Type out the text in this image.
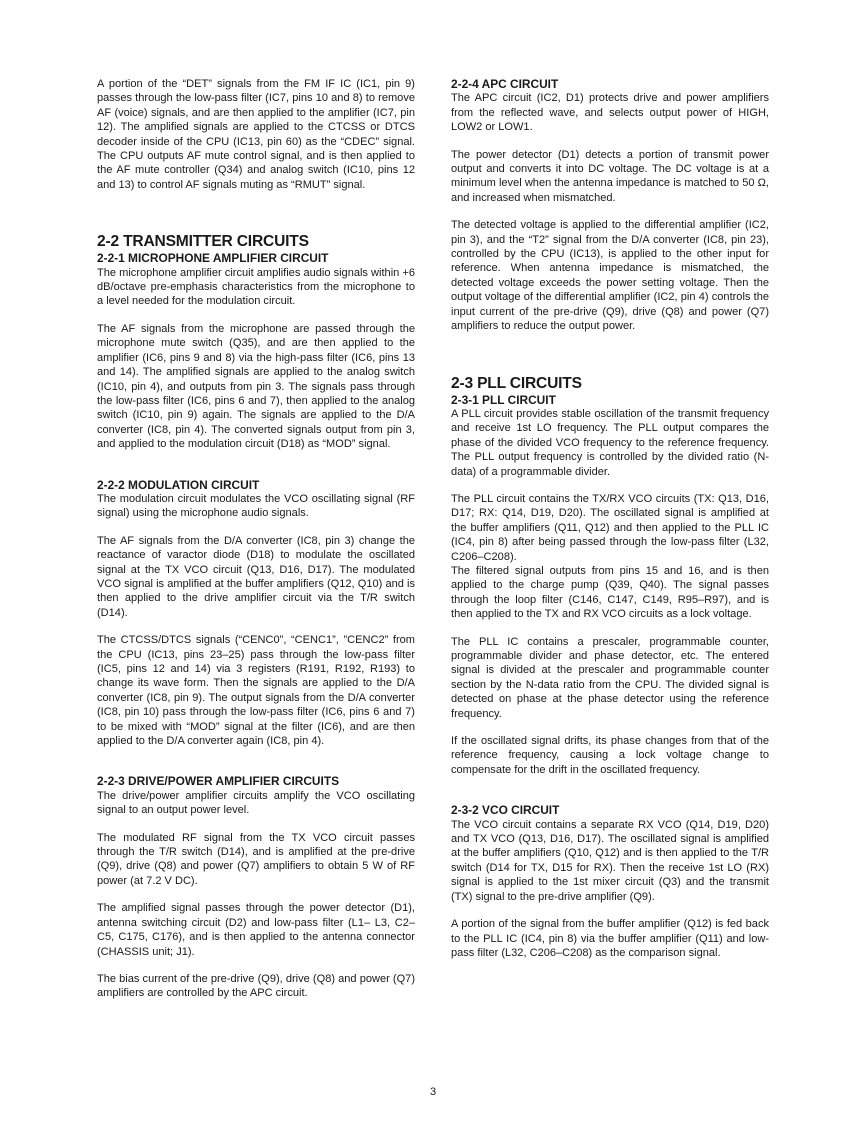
A portion of the “DET” signals from the FM IF IC (IC1, pin 9) passes through the low-pass filter (IC7, pins 10 and 8) to remove AF (voice) signals, and are then applied to the amplifier (IC7, pin 12). The amplified signals are applied to the CTCSS or DTCS decoder inside of the CPU (IC13, pin 60) as the “CDEC” signal. The CPU outputs AF mute control signal, and is then applied to the AF mute controller (Q34) and analog switch (IC10, pins 12 and 13) to control AF signals muting as “RMUT” signal.

2-2 TRANSMITTER CIRCUITS
2-2-1 MICROPHONE AMPLIFIER CIRCUIT

The microphone amplifier circuit amplifies audio signals within +6 dB/octave pre-emphasis characteristics from the microphone to a level needed for the modulation circuit.

The AF signals from the microphone are passed through the microphone mute switch (Q35), and are then applied to the amplifier (IC6, pins 9 and 8) via the high-pass filter (IC6, pins 13 and 14). The amplified signals are applied to the analog switch (IC10, pin 4), and outputs from pin 3. The signals pass through the low-pass filter (IC6, pins 6 and 7), then applied to the analog switch (IC10, pin 9) again. The signals are applied to the D/A converter (IC8, pin 4). The converted signals output from pin 3, and applied to the modulation circuit (D18) as “MOD” signal.

2-2-2 MODULATION CIRCUIT

The modulation circuit modulates the VCO oscillating signal (RF signal) using the microphone audio signals.

The AF signals from the D/A converter (IC8, pin 3) change the reactance of varactor diode (D18) to modulate the oscillated signal at the TX VCO circuit (Q13, D16, D17). The modulated VCO signal is amplified at the buffer amplifiers (Q12, Q10) and is then applied to the drive amplifier circuit via the T/R switch (D14).

The CTCSS/DTCS signals (“CENC0”, “CENC1”, ”CENC2” from the CPU (IC13, pins 23–25) pass through the low-pass filter (IC5, pins 12 and 14) via 3 registers (R191, R192, R193) to change its wave form. Then the signals are applied to the D/A converter (IC8, pin 9). The output signals from the D/A converter (IC8, pin 10) pass through the low-pass filter (IC6, pins 6 and 7) to be mixed with “MOD” signal at the filter (IC6), and are then applied to the D/A converter again (IC8, pin 4).

2-2-3 DRIVE/POWER AMPLIFIER CIRCUITS

The drive/power amplifier circuits amplify the VCO oscillating signal to an output power level.

The modulated RF signal from the TX VCO circuit passes through the T/R switch (D14), and is amplified at the pre-drive (Q9), drive (Q8) and power (Q7) amplifiers to obtain 5 W of RF power (at 7.2 V DC).

The amplified signal passes through the power detector (D1), antenna switching circuit (D2) and low-pass filter (L1– L3, C2–C5, C175, C176), and is then applied to the antenna connector (CHASSIS unit; J1).

The bias current of the pre-drive (Q9), drive (Q8) and power (Q7) amplifiers are controlled by the APC circuit.

2-2-4 APC CIRCUIT

The APC circuit (IC2, D1) protects drive and power amplifiers from the reflected wave, and selects output power of HIGH, LOW2 or LOW1.

The power detector (D1) detects a portion of transmit power output and converts it into DC voltage. The DC voltage is at a minimum level when the antenna impedance is matched to 50 Ω, and increased when mismatched.

The detected voltage is applied to the differential amplifier (IC2, pin 3), and the “T2” signal from the D/A converter (IC8, pin 23), controlled by the CPU (IC13), is applied to the other input for reference. When antenna impedance is mismatched, the detected voltage exceeds the power setting voltage. Then the output voltage of the differential amplifier (IC2, pin 4) controls the input current of the pre-drive (Q9), drive (Q8) and power (Q7) amplifiers to reduce the output power.

2-3 PLL CIRCUITS
2-3-1 PLL CIRCUIT

A PLL circuit provides stable oscillation of the transmit frequency and receive 1st LO frequency. The PLL output compares the phase of the divided VCO frequency to the reference frequency. The PLL output frequency is controlled by the divided ratio (N-data) of a programmable divider.

The PLL circuit contains the TX/RX VCO circuits (TX: Q13, D16, D17; RX: Q14, D19, D20). The oscillated signal is amplified at the buffer amplifiers (Q11, Q12) and then applied to the PLL IC (IC4, pin 8) after being passed through the low-pass filter (L32, C206–C208).

The filtered signal outputs from pins 15 and 16, and is then applied to the charge pump (Q39, Q40). The signal passes through the loop filter (C146, C147, C149, R95–R97), and is then applied to the TX and RX VCO circuits as a lock voltage.

The PLL IC contains a prescaler, programmable counter, programmable divider and phase detector, etc. The entered signal is divided at the prescaler and programmable counter section by the N-data ratio from the CPU. The divided signal is detected on phase at the phase detector using the reference frequency.

If the oscillated signal drifts, its phase changes from that of the reference frequency, causing a lock voltage change to compensate for the drift in the oscillated frequency.

2-3-2 VCO CIRCUIT

The VCO circuit contains a separate RX VCO (Q14, D19, D20) and TX VCO (Q13, D16, D17). The oscillated signal is amplified at the buffer amplifiers (Q10, Q12) and is then applied to the T/R switch (D14 for TX, D15 for RX). Then the receive 1st LO (RX) signal is applied to the 1st mixer circuit (Q3) and the transmit (TX) signal to the pre-drive amplifier (Q9).

A portion of the signal from the buffer amplifier (Q12) is fed back to the PLL IC (IC4, pin 8) via the buffer amplifier (Q11) and low-pass filter (L32, C206–C208) as the comparison signal.

3
